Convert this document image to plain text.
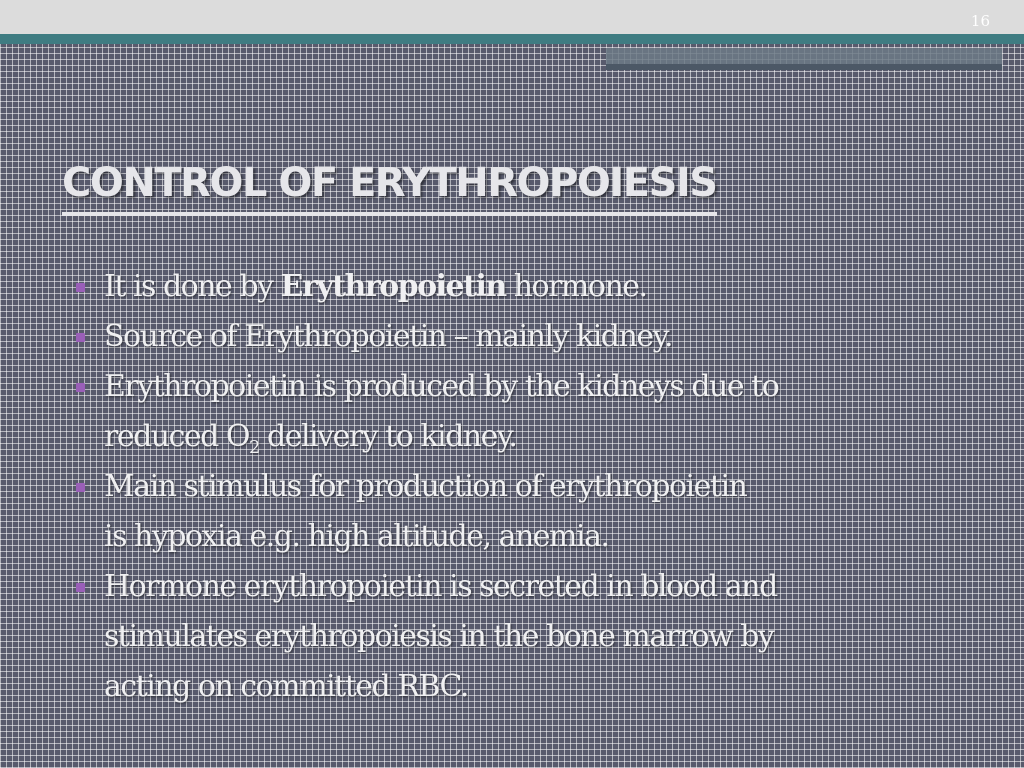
16
CONTROL OF ERYTHROPOIESIS
It is done by Erythropoietin hormone.
Source of Erythropoietin – mainly kidney.
Erythropoietin is produced by the kidneys due to
reduced $O_2$ delivery to kidney.
Main stimulus for production of erythropoietin
is hypoxia e.g. high altitude, anemia.
Hormone erythropoietin is secreted in blood and
stimulates erythropoiesis in the bone marrow by
acting on committed RBC.
